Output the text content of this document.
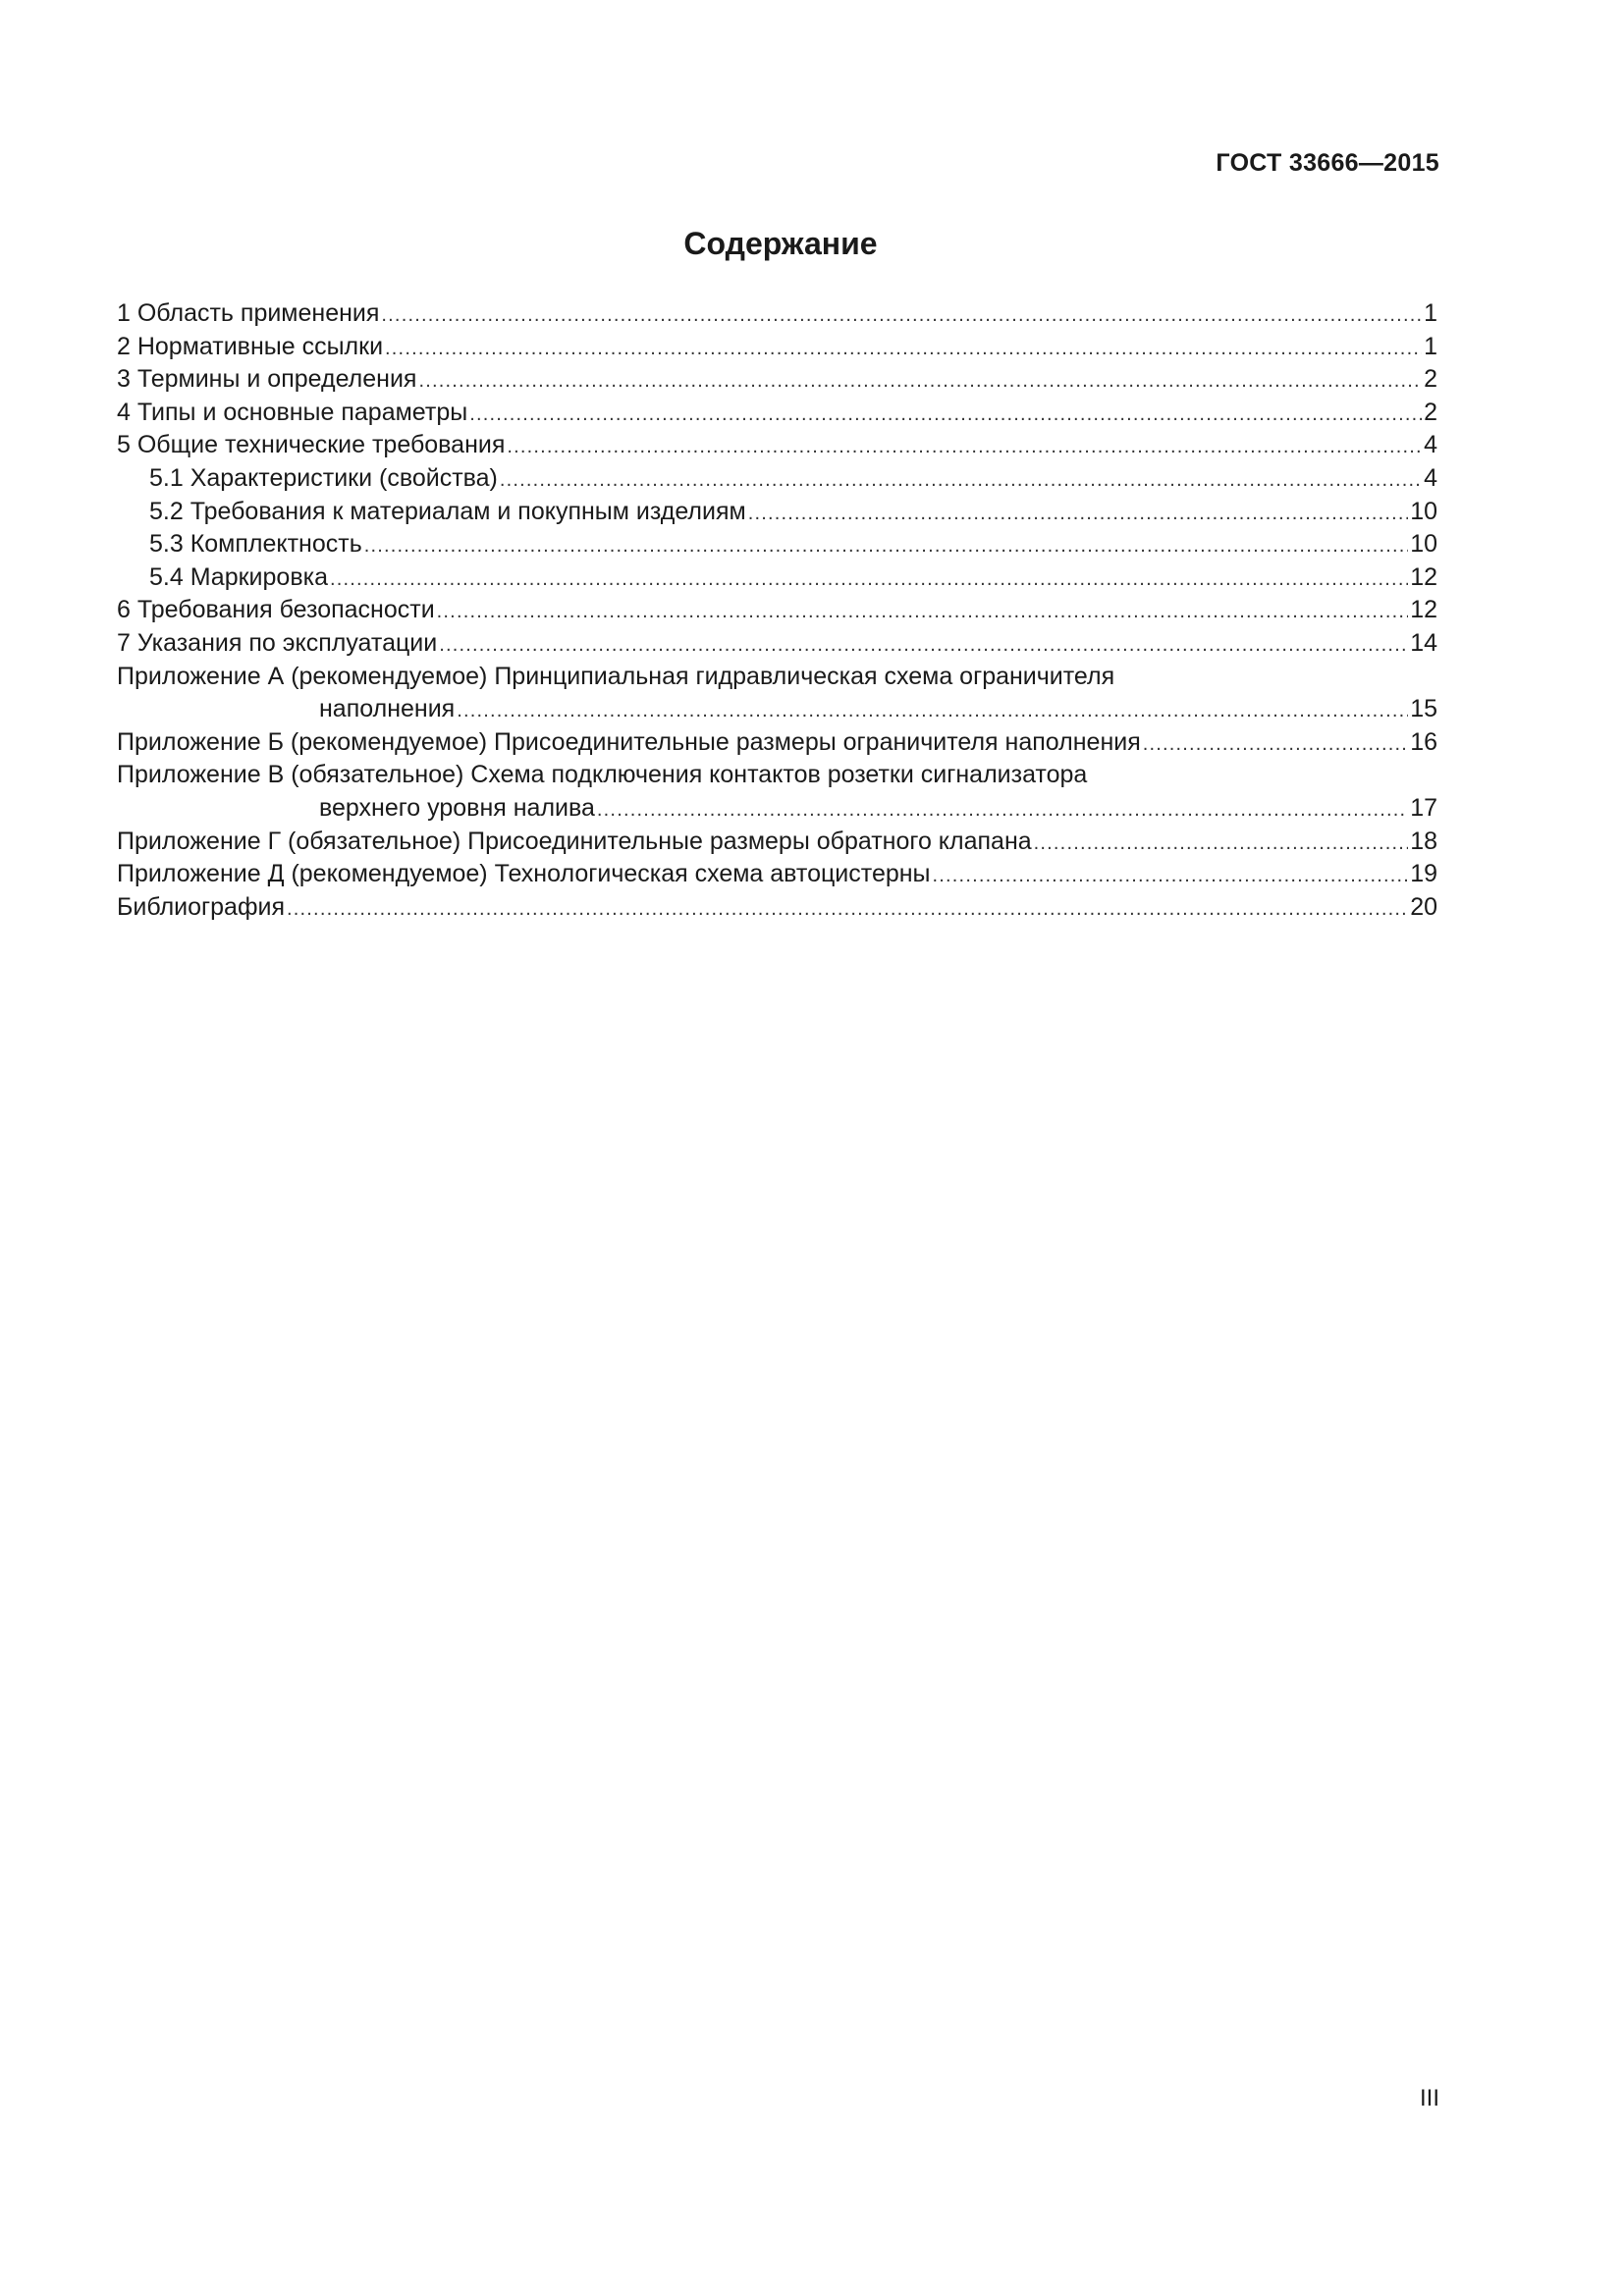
ГОСТ 33666—2015
Содержание
1 Область применения .....	1
2 Нормативные ссылки .....	1
3 Термины и определения .....	2
4 Типы и основные параметры .....	2
5 Общие технические требования .....	4
5.1 Характеристики (свойства) .....	4
5.2 Требования к материалам и покупным изделиям .....	10
5.3 Комплектность .....	10
5.4 Маркировка .....	12
6 Требования безопасности .....	12
7 Указания по эксплуатации .....	14
Приложение А (рекомендуемое) Принципиальная гидравлическая схема ограничителя
наполнения .....	15
Приложение Б (рекомендуемое) Присоединительные размеры ограничителя наполнения .....	16
Приложение В (обязательное) Схема подключения контактов розетки сигнализатора
верхнего уровня налива .....	17
Приложение Г (обязательное) Присоединительные размеры обратного клапана .....	18
Приложение Д (рекомендуемое) Технологическая схема автоцистерны .....	19
Библиография .....	20
III
